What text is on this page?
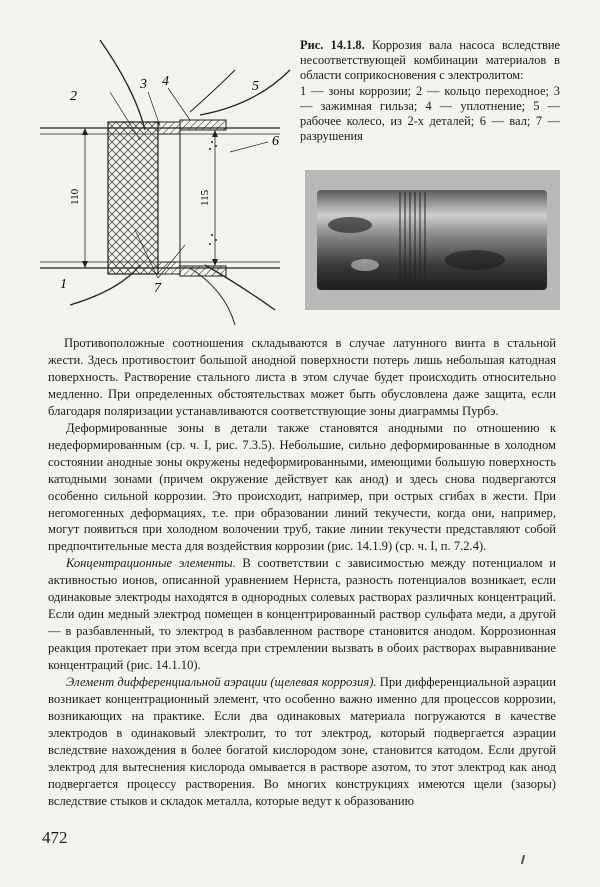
2
3 4	5
6
1	7
110	115
Рис. 14.1.8. Коррозия вала насоса вследствие несоответствующей комбинации материалов в области соприкосновения с электролитом:
1 — зоны коррозии; 2 — кольцо переходное; 3 — зажимная гильза; 4 — уплотнение; 5 — рабочее колесо, из 2-х деталей; 6 — вал; 7 — разрушения

Противоположные соотношения складываются в случае латунного винта в стальной жести. Здесь противостоит большой анодной поверхности потерь лишь небольшая катодная поверхность. Растворение стального листа в этом случае будет происходить относительно медленно. При определенных обстоятельствах может быть обусловлена даже защита, если благодаря поляризации устанавливаются соответствующие зоны диаграммы Пурбэ.

Деформированные зоны в детали также становятся анодными по отношению к недеформированным (ср. ч. I, рис. 7.3.5). Небольшие, сильно деформированные в холодном состоянии анодные зоны окружены недеформированными, имеющими большую поверхность катодными зонами (причем окружение действует как анод) и здесь снова подвергаются особенно сильной коррозии. Это происходит, например, при острых сгибах в жести. При негомогенных деформациях, т.е. при образовании линий текучести, когда они, например, могут появиться при холодном волочении труб, такие линии текучести представляют собой предпочтительные места для воздействия коррозии (рис. 14.1.9) (ср. ч. I, п. 7.2.4).

Концентрационные элементы. В соответствии с зависимостью между потенциалом и активностью ионов, описанной уравнением Нернста, разность потенциалов возникает, если одинаковые электроды находятся в однородных солевых растворах различных концентраций. Если один медный электрод помещен в концентрированный раствор сульфата меди, а другой — в разбавленный, то электрод в разбавленном растворе становится анодом. Коррозионная реакция протекает при этом всегда при стремлении вызвать в обоих растворах выравнивание концентраций (рис. 14.1.10).

Элемент дифференциальной аэрации (щелевая коррозия). При дифференциальной аэрации возникает концентрационный элемент, что особенно важно именно для процессов коррозии, возникающих на практике. Если два одинаковых материала погружаются в качестве электродов в одинаковый электролит, то тот электрод, который подвергается аэрации вследствие нахождения в более богатой кислородом зоне, становится катодом. Если другой электрод для вытеснения кислорода омывается в растворе азотом, то этот электрод как анод подвергается процессу растворения. Во многих конструкциях имеются щели (зазоры) вследствие стыков и складок металла, которые ведут к образованию

472
